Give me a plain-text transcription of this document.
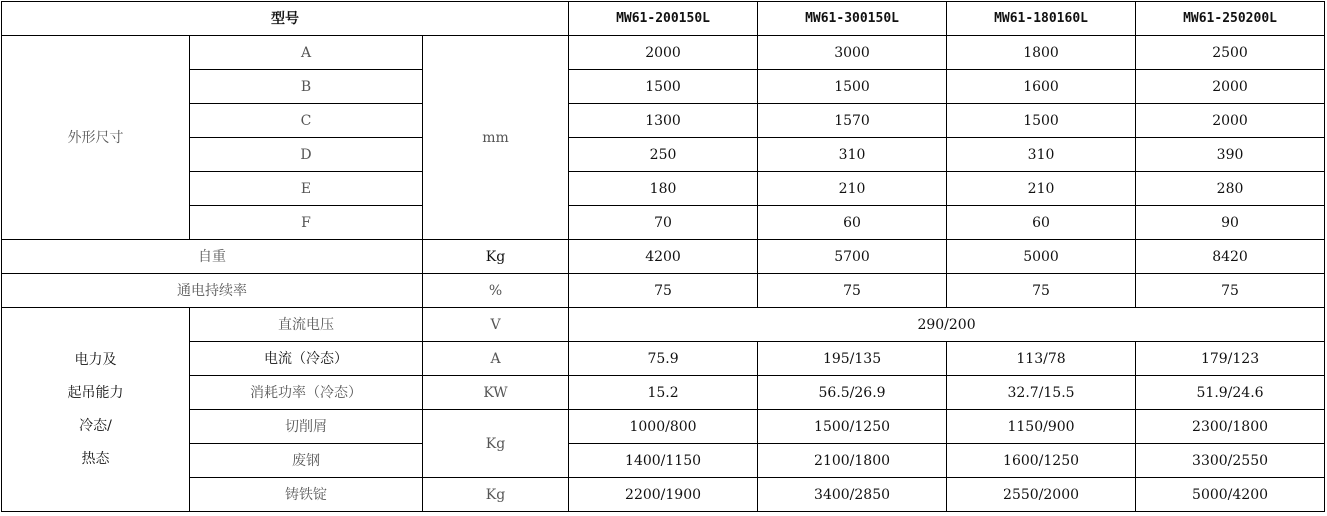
型号			MW61-200150L	MW61-300150L	MW61-180160L	MW61-250200L
外形尺寸	A	mm	2000	3000	1800	2500
	B		1500	1500	1600	2000
	C		1300	1570	1500	2000
	D		250	310	310	390
	E		180	210	210	280
	F		70	60	60	90
自重		Kg	4200	5700	5000	8420
通电持续率		%	75	75	75	75

电力及
起吊能力
冷态/
热态	直流电压	V	290/200			
	电流（冷态）	A	75.9	195/135	113/78	179/123
	消耗功率（冷态）	KW	15.2	56.5/26.9	32.7/15.5	51.9/24.6
	切削屑	Kg	1000/800	1500/1250	1150/900	2300/1800
	废钢		1400/1150	2100/1800	1600/1250	3300/2550
	铸铁锭	Kg	2200/1900	3400/2850	2550/2000	5000/4200
